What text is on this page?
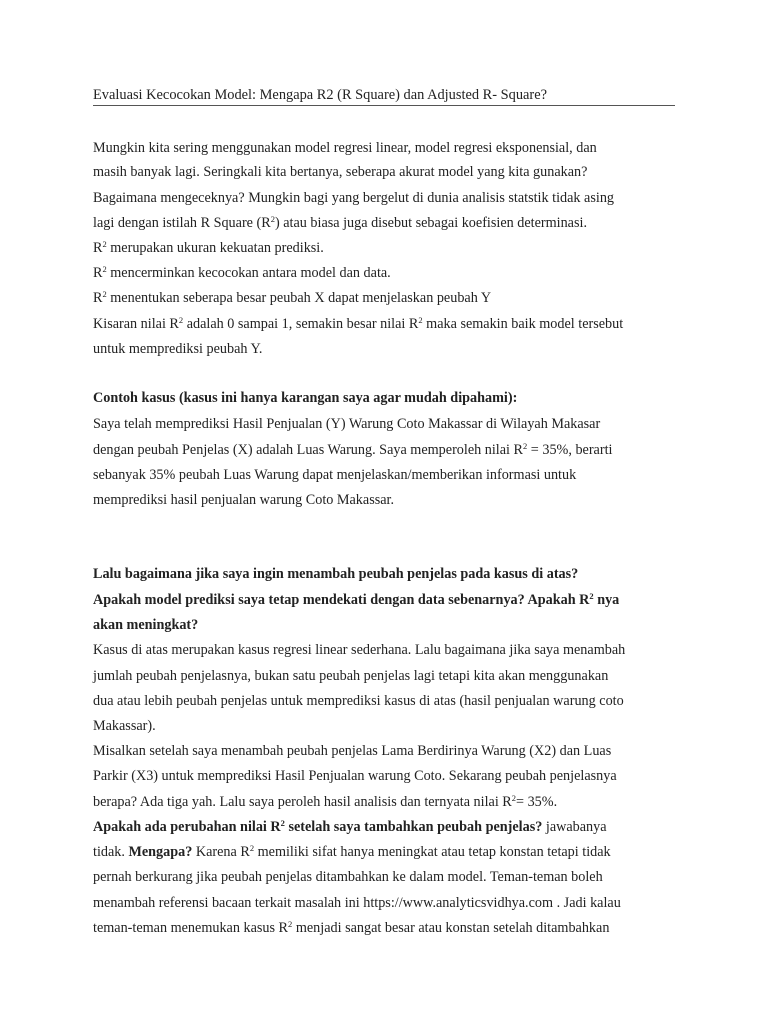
Evaluasi Kecocokan Model: Mengapa R2 (R Square) dan Adjusted R- Square?
Mungkin kita sering menggunakan model regresi linear, model regresi eksponensial, dan
masih banyak lagi. Seringkali kita bertanya, seberapa akurat model yang kita gunakan?
Bagaimana mengeceknya? Mungkin bagi yang bergelut di dunia analisis statstik tidak asing
lagi dengan istilah R Square $(R^2)$ atau biasa juga disebut sebagai koefisien determinasi.
$R^2$ merupakan ukuran kekuatan prediksi.
$R^2$ mencerminkan kecocokan antara model dan data.
$R^2$ menentukan seberapa besar peubah X dapat menjelaskan peubah Y
Kisaran nilai $R^2$ adalah 0 sampai 1, semakin besar nilai $R^2$ maka semakin baik model tersebut
untuk memprediksi peubah Y.
Contoh kasus (kasus ini hanya karangan saya agar mudah dipahami):
Saya telah memprediksi Hasil Penjualan (Y) Warung Coto Makassar di Wilayah Makasar
dengan peubah Penjelas (X) adalah Luas Warung. Saya memperoleh nilai $R^2 = 35\%$, berarti
sebanyak 35% peubah Luas Warung dapat menjelaskan/memberikan informasi untuk
memprediksi hasil penjualan warung Coto Makassar.
Lalu bagaimana jika saya ingin menambah peubah penjelas pada kasus di atas?
Apakah model prediksi saya tetap mendekati dengan data sebenarnya? Apakah $R^2$ nya
akan meningkat?
Kasus di atas merupakan kasus regresi linear sederhana. Lalu bagaimana jika saya menambah
jumlah peubah penjelasnya, bukan satu peubah penjelas lagi tetapi kita akan menggunakan
dua atau lebih peubah penjelas untuk memprediksi kasus di atas (hasil penjualan warung coto
Makassar).
Misalkan setelah saya menambah peubah penjelas Lama Berdirinya Warung (X2) dan Luas
Parkir (X3) untuk memprediksi Hasil Penjualan warung Coto. Sekarang peubah penjelasnya
berapa? Ada tiga yah. Lalu saya peroleh hasil analisis dan ternyata nilai $R^2= 35\%$.
Apakah ada perubahan nilai $R^2$ setelah saya tambahkan peubah penjelas? jawabanya
tidak. Mengapa? Karena $R^2$ memiliki sifat hanya meningkat atau tetap konstan tetapi tidak
pernah berkurang jika peubah penjelas ditambahkan ke dalam model. Teman-teman boleh
menambah referensi bacaan terkait masalah ini https://www.analyticsvidhya.com . Jadi kalau
teman-teman menemukan kasus $R^2$ menjadi sangat besar atau konstan setelah ditambahkan
